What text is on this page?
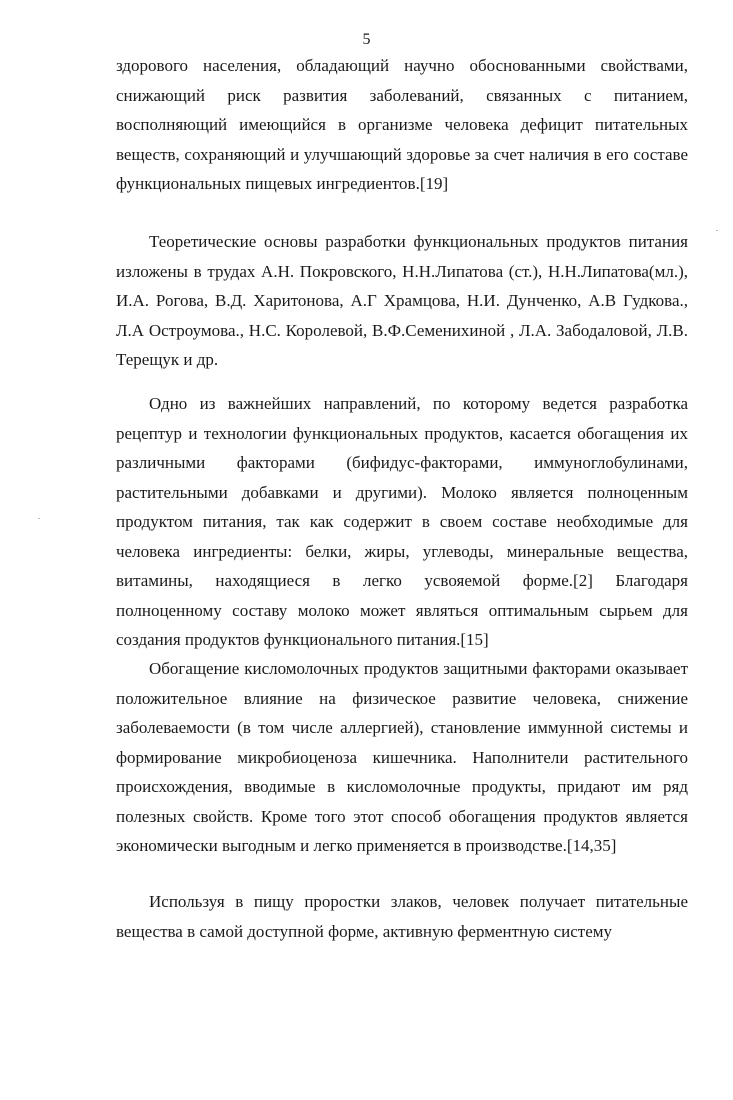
5

здорового населения, обладающий научно обоснованными свойствами, снижающий риск развития заболеваний, связанных с питанием, восполняющий имеющийся в организме человека дефицит питательных веществ, сохраняющий и улучшающий здоровье за счет наличия в его составе функциональных пищевых ингредиентов.[19]

Теоретические основы разработки функциональных продуктов питания изложены в трудах А.Н. Покровского, Н.Н.Липатова (ст.), Н.Н.Липатова(мл.), И.А. Рогова, В.Д. Харитонова, А.Г Храмцова, Н.И. Дунченко, А.В Гудкова., Л.А Остроумова., Н.С. Королевой, В.Ф.Семенихиной , Л.А. Забодаловой, Л.В. Терещук и др.

Одно из важнейших направлений, по которому ведется разработка рецептур и технологии функциональных продуктов, касается обогащения их различными факторами (бифидус-факторами, иммуноглобулинами, растительными добавками и другими). Молоко является полноценным продуктом питания, так как содержит в своем составе необходимые для человека ингредиенты: белки, жиры, углеводы, минеральные вещества, витамины, находящиеся в легко усвояемой форме.[2] Благодаря полноценному составу молоко может являться оптимальным сырьем для создания продуктов функционального питания.[15]

Обогащение кисломолочных продуктов защитными факторами оказывает положительное влияние на физическое развитие человека, снижение заболеваемости (в том числе аллергией), становление иммунной системы и формирование микробиоценоза кишечника. Наполнители растительного происхождения, вводимые в кисломолочные продукты, придают им ряд полезных свойств. Кроме того этот способ обогащения продуктов является экономически выгодным и легко применяется в производстве.[14,35]

Используя в пищу проростки злаков, человек получает питательные вещества в самой доступной форме, активную ферментную систему
